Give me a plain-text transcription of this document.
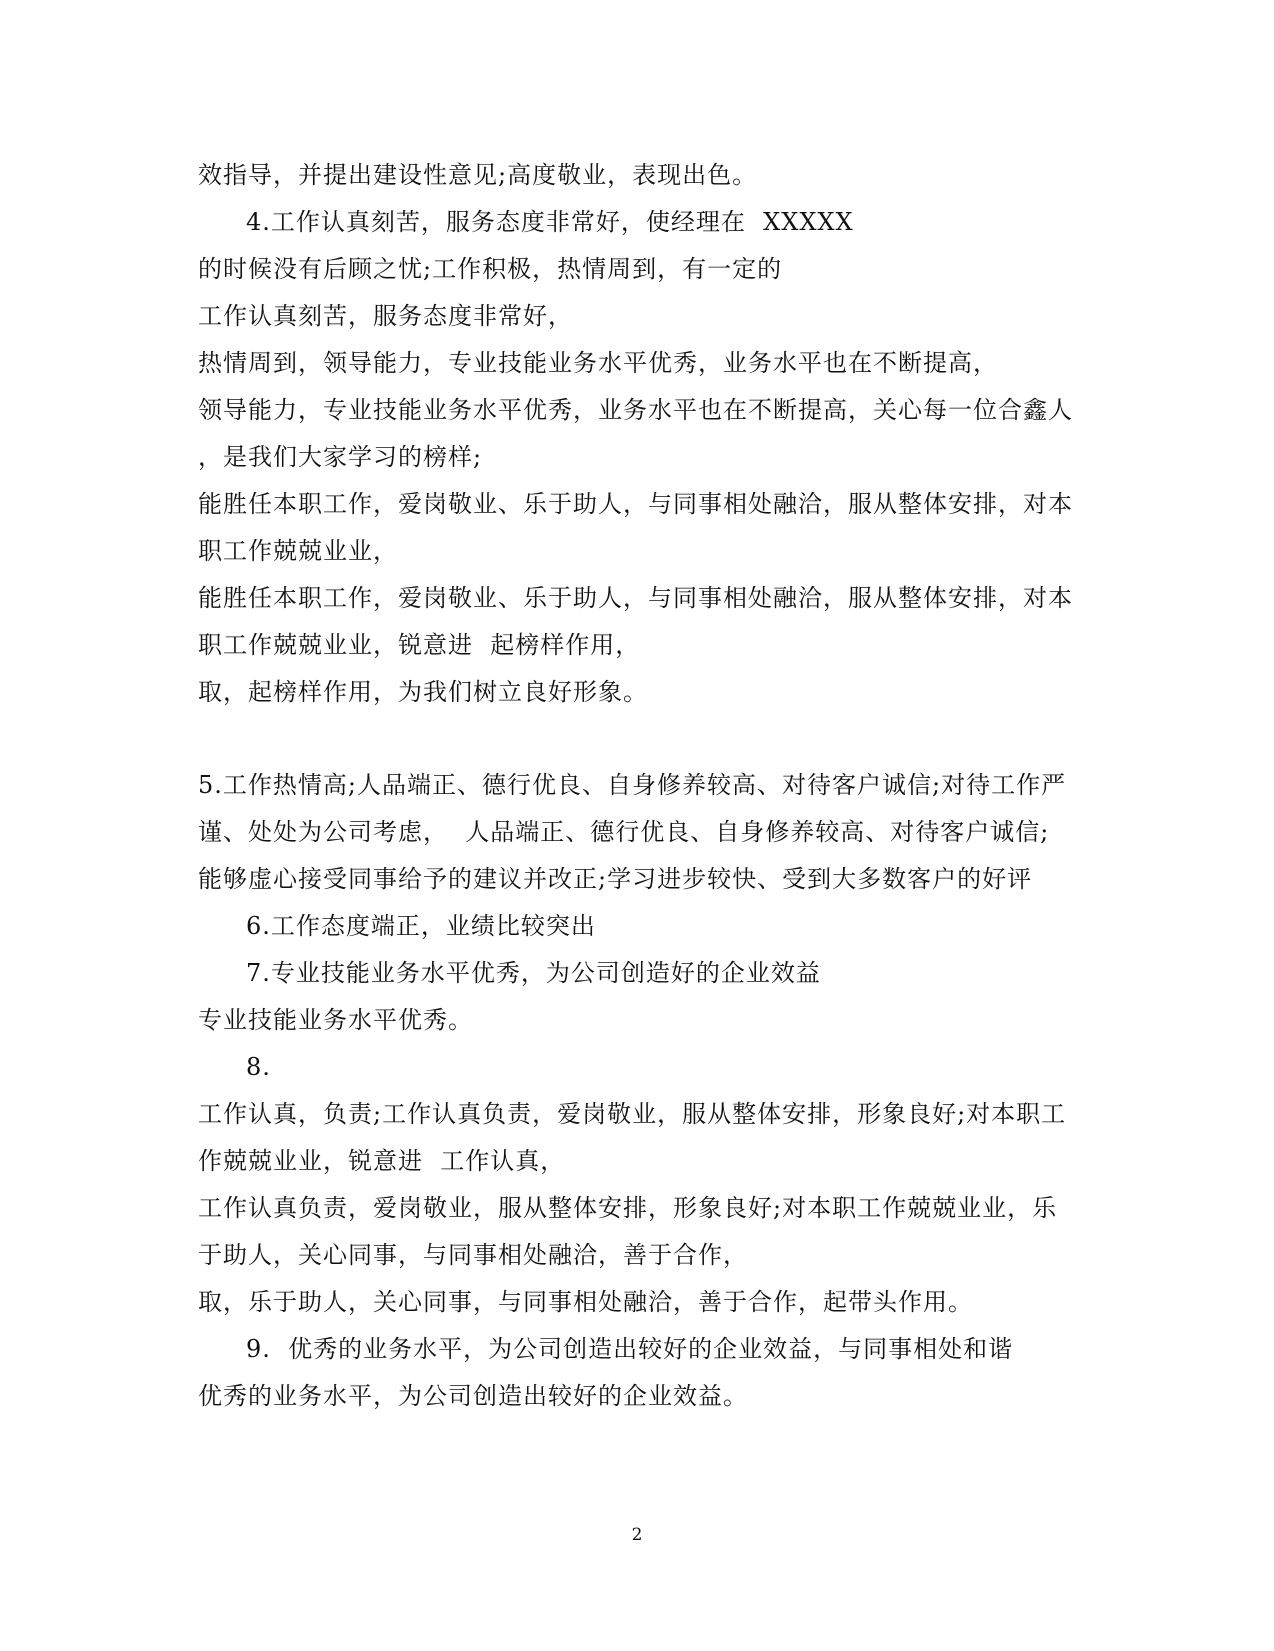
效指导，并提出建设性意见;高度敬业，表现出色。
4.工作认真刻苦，服务态度非常好，使经理在  XXXXX
的时候没有后顾之忧;工作积极，热情周到，有一定的
工作认真刻苦，服务态度非常好，
热情周到，领导能力，专业技能业务水平优秀，业务水平也在不断提高，
领导能力，专业技能业务水平优秀，业务水平也在不断提高，关心每一位合鑫人
，是我们大家学习的榜样;
能胜任本职工作，爱岗敬业、乐于助人，与同事相处融洽，服从整体安排，对本
职工作兢兢业业，
能胜任本职工作，爱岗敬业、乐于助人，与同事相处融洽，服从整体安排，对本
职工作兢兢业业，锐意进  起榜样作用，
取，起榜样作用，为我们树立良好形象。
5.工作热情高;人品端正、德行优良、自身修养较高、对待客户诚信;对待工作严
谨、处处为公司考虑，  人品端正、德行优良、自身修养较高、对待客户诚信;
能够虚心接受同事给予的建议并改正;学习进步较快、受到大多数客户的好评
6.工作态度端正，业绩比较突出
7.专业技能业务水平优秀，为公司创造好的企业效益
专业技能业务水平优秀。
8.
工作认真，负责;工作认真负责，爱岗敬业，服从整体安排，形象良好;对本职工
作兢兢业业，锐意进  工作认真，
工作认真负责，爱岗敬业，服从整体安排，形象良好;对本职工作兢兢业业，乐
于助人，关心同事，与同事相处融洽，善于合作，
取，乐于助人，关心同事，与同事相处融洽，善于合作，起带头作用。
9.  优秀的业务水平，为公司创造出较好的企业效益，与同事相处和谐
优秀的业务水平，为公司创造出较好的企业效益。
2
